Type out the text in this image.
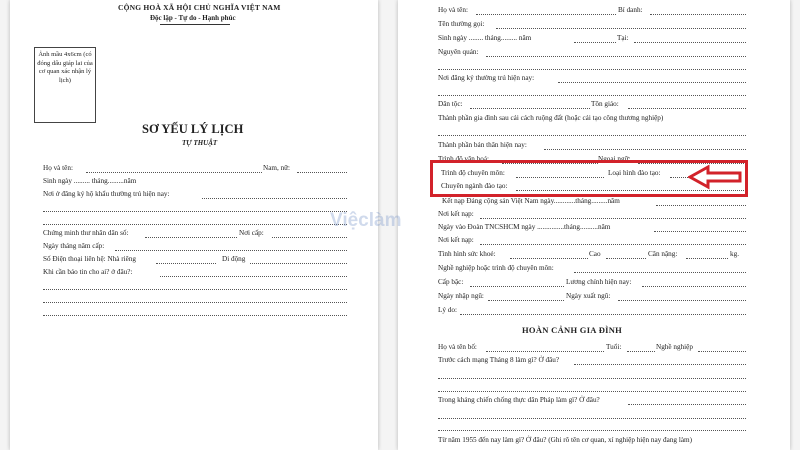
CỘNG HOÀ XÃ HỘI CHỦ NGHĨA VIỆT NAM
Độc lập - Tự do - Hạnh phúc
Ảnh mầu 4x6cm (có đóng dấu giáp lai của cơ quan xác nhận lý lịch)
SƠ YẾU LÝ LỊCH
TỰ THUẬT
Họ và tên:	Nam, nữ:
Sinh ngày ......... tháng.........năm
Nơi ở đăng ký hộ khẩu thường trú hiện nay:
Chứng minh thư nhân dân số:	Nơi cấp:
Ngày tháng năm cấp:
Số Điện thoại liên hệ: Nhà riêng	Di động
Khi cần báo tin cho ai? ở đâu?:
Họ và tên:	Bí danh:
Tên thường gọi:
Sinh ngày ........ tháng......... năm	Tại:
Nguyên quán:
Nơi đăng ký thường trú hiện nay:
Dân tộc:	Tôn giáo:
Thành phần gia đình sau cải cách ruộng đất (hoặc cải tạo công thương nghiệp)
Thành phần bản thân hiện nay:
Trình độ văn hoá:	Ngoại ngữ:
Trình độ chuyên môn:	Loại hình đào tạo:
Chuyên ngành đào tạo:
Kết nạp Đảng cộng sản Việt Nam ngày............tháng.........năm
Nơi kết nạp:
Ngày vào Đoàn TNCSHCM ngày ...............tháng..........năm
Nơi kết nạp:
Tình hình sức khoẻ:	Cao	Cân nặng:	kg.
Nghề nghiệp hoặc trình độ chuyên môn:
Cấp bậc:	Lương chính hiện nay:
Ngày nhập ngũ:	Ngày xuất ngũ:
Lý do:
HOÀN CẢNH GIA ĐÌNH
Họ và tên bố:	Tuổi:	Nghề nghiệp
Trước cách mạng Tháng 8 làm gì? Ở đâu?
Trong kháng chiến chống thực dân Pháp làm gì? Ở đâu?
Từ năm 1955 đến nay làm gì? Ở đâu? (Ghi rõ tên cơ quan, xí nghiệp hiện nay đang làm)
Việclàm
